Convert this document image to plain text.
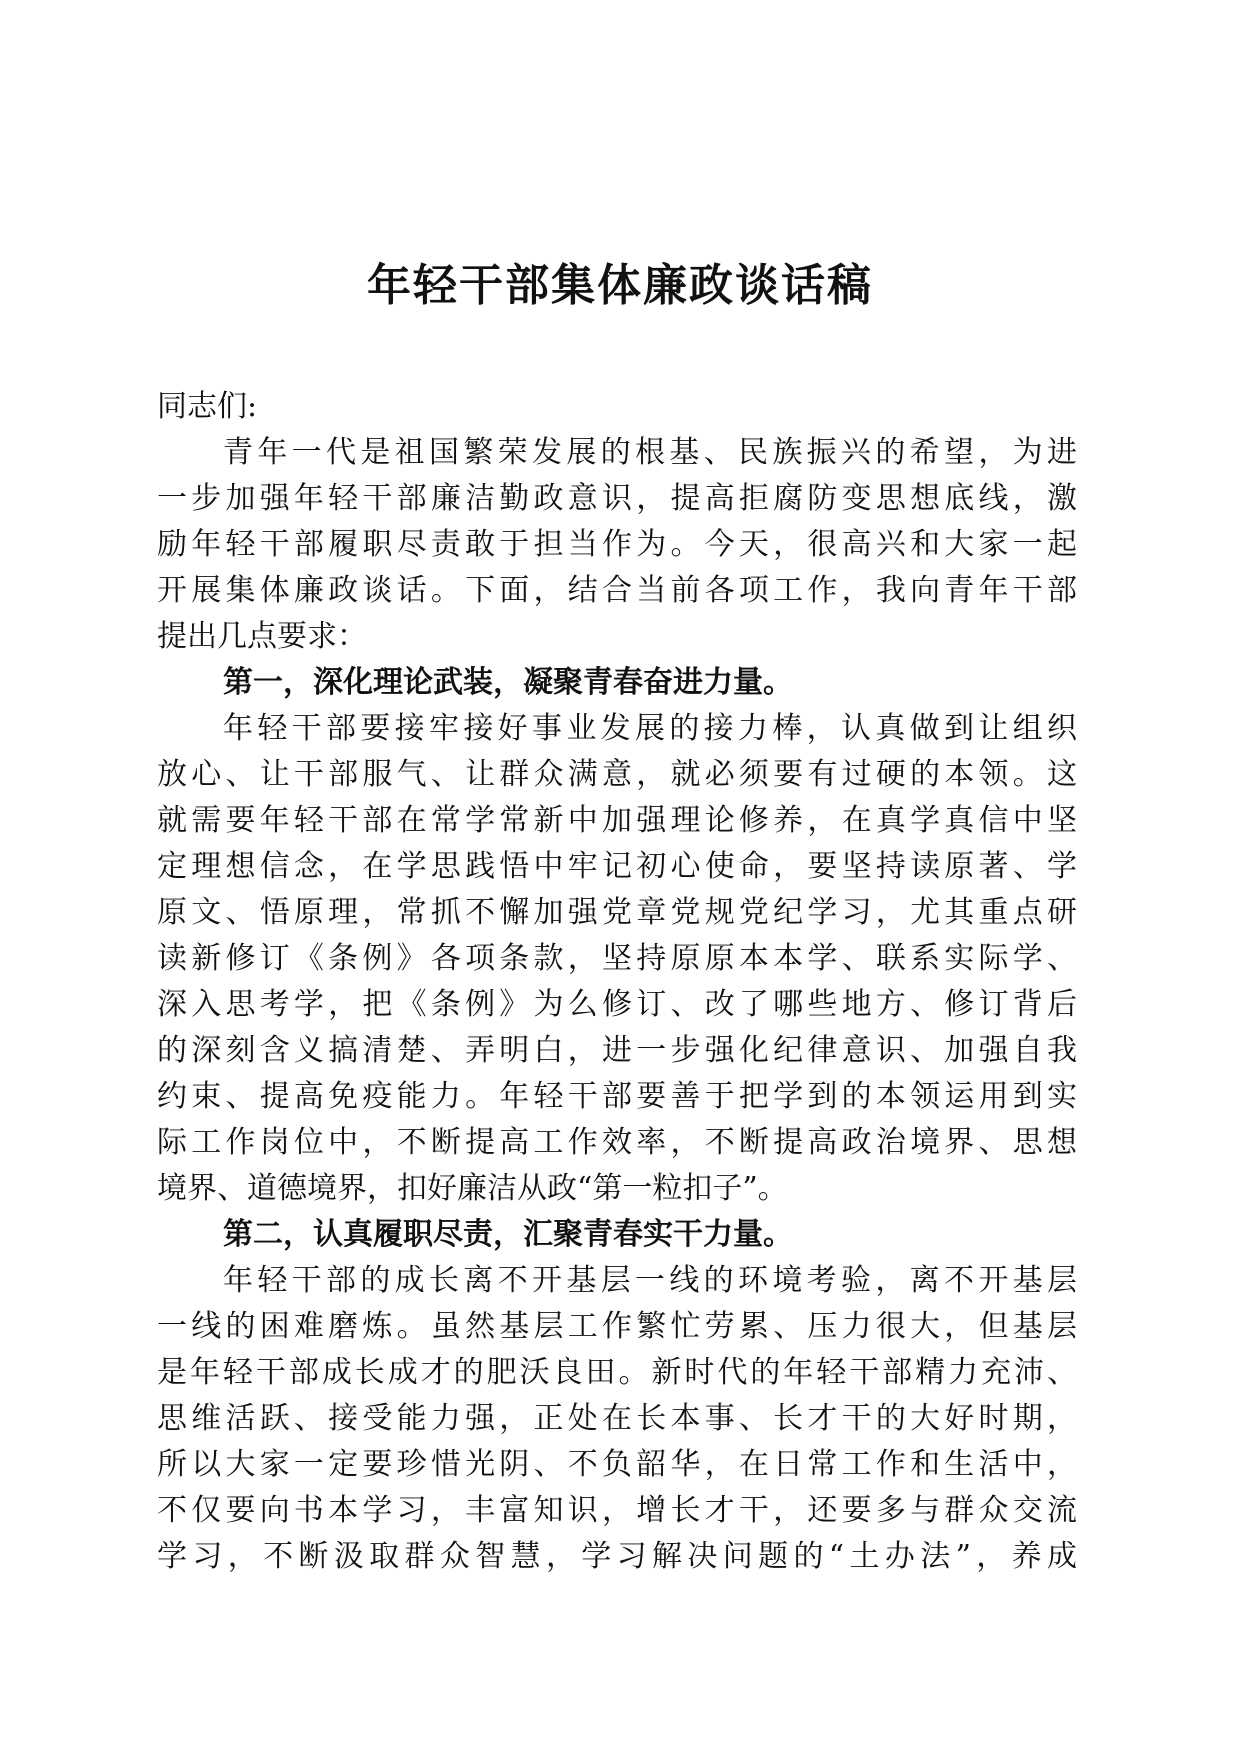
年轻干部集体廉政谈话稿
同志们:
青年一代是祖国繁荣发展的根基、民族振兴的希望，为进
一步加强年轻干部廉洁勤政意识，提高拒腐防变思想底线，激
励年轻干部履职尽责敢于担当作为。今天，很高兴和大家一起
开展集体廉政谈话。下面，结合当前各项工作，我向青年干部
提出几点要求：
第一，深化理论武装，凝聚青春奋进力量。
年轻干部要接牢接好事业发展的接力棒，认真做到让组织
放心、让干部服气、让群众满意，就必须要有过硬的本领。这
就需要年轻干部在常学常新中加强理论修养，在真学真信中坚
定理想信念，在学思践悟中牢记初心使命，要坚持读原著、学
原文、悟原理，常抓不懈加强党章党规党纪学习，尤其重点研
读新修订《条例》各项条款，坚持原原本本学、联系实际学、
深入思考学，把《条例》为么修订、改了哪些地方、修订背后
的深刻含义搞清楚、弄明白，进一步强化纪律意识、加强自我
约束、提高免疫能力。年轻干部要善于把学到的本领运用到实
际工作岗位中，不断提高工作效率，不断提高政治境界、思想
境界、道德境界，扣好廉洁从政“第一粒扣子”。
第二，认真履职尽责，汇聚青春实干力量。
年轻干部的成长离不开基层一线的环境考验，离不开基层
一线的困难磨炼。虽然基层工作繁忙劳累、压力很大，但基层
是年轻干部成长成才的肥沃良田。新时代的年轻干部精力充沛、
思维活跃、接受能力强，正处在长本事、长才干的大好时期，
所以大家一定要珍惜光阴、不负韶华，在日常工作和生活中，
不仅要向书本学习，丰富知识，增长才干，还要多与群众交流
学习，不断汲取群众智慧，学习解决问题的“土办法”，养成
